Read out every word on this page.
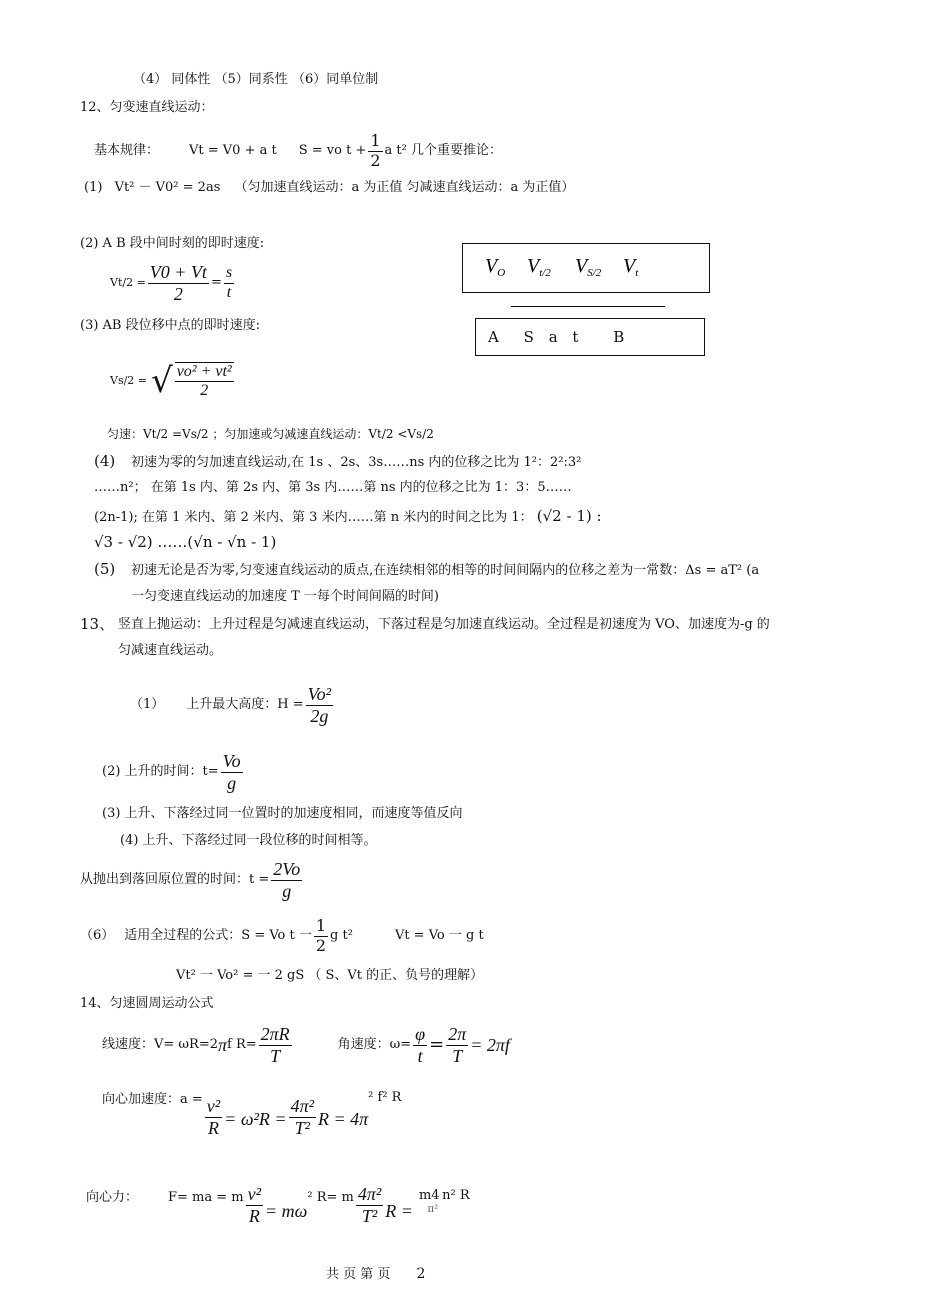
（4） 同体性 （5）同系性 （6）同单位制
12、匀变速直线运动：
基本规律： Vt = V0 + a t S = vo $t + \frac{1}{2}$ a t² 几个重要推论：
(1) Vt² － V0² = 2as （匀加速直线运动：a 为正值 匀减速直线运动：a 为正值）
(2) A B 段中间时刻的即时速度:
$Vt/2 = \frac{V0 + Vt}{2} = \frac{s}{t}$
(3) AB 段位移中点的即时速度:
Vs/2 = √ $\frac{\text{vo² + vt²}}{2}$
匀速：Vt/2 =Vs/2 ；匀加速或匀减速直线运动：Vt/2 <Vs/2
$V_O$ $V_{t/2}$ $V_{S/2}$ $V_t$
A S a t B
(4) 初速为零的匀加速直线运动,在 1s 、2s、3s……ns 内的位移之比为 1²：2²:3²
……n²； 在第 1s 内、第 2s 内、第 3s 内……第 ns 内的位移之比为 1：3：5……
(2n-1); 在第 1 米内、第 2 米内、第 3 米内……第 n 米内的时间之比为 1： (√2 - 1) :
√3 - √2) ……(√n - √n - 1)
(5) 初速无论是否为零,匀变速直线运动的质点,在连续相邻的相等的时间间隔内的位移之差为一常数：Δs = aT² (a
一匀变速直线运动的加速度 T 一每个时间间隔的时间)
13、 竖直上抛运动：上升过程是匀减速直线运动，下落过程是匀加速直线运动。全过程是初速度为 VO、加速度为-g 的
匀减速直线运动。
（1） 上升最大高度：$H = \frac{\text{Vo²}}{2g}$
(2) 上升的时间：$t= \frac{Vo}{g}$
(3) 上升、下落经过同一位置时的加速度相同，而速度等值反向
(4) 上升、下落经过同一段位移的时间相等。
从抛出到落回原位置的时间：$t = \frac{2Vo}{g}$
（6） 适用全过程的公式：S = Vo t 一 $\frac{1}{2}$ g t²	Vt = Vo 一 g t
Vt² 一 Vo² = 一 2 gS （ S、Vt 的正、负号的理解）
14、匀速圆周运动公式
线速度： V= ωR=2 π f $R= \frac{2\pi R}{T}$	角速度：$\omega= \frac{\varphi}{t} = \frac{2\pi}{T} = 2\pi f$
向心加速度：$a = \frac{\text{v²}}{R} = \omega^2R = \frac{\text{4π²}}{\text{T²}}$ R = 4π
² f² R
向心力： F= ma = m $\frac{\text{v²}}{R} = m\omega$
² R= m $\frac{\text{4π²}}{\text{T²}}$ R =
m4
π²
n² R
共 页 第 页 2
